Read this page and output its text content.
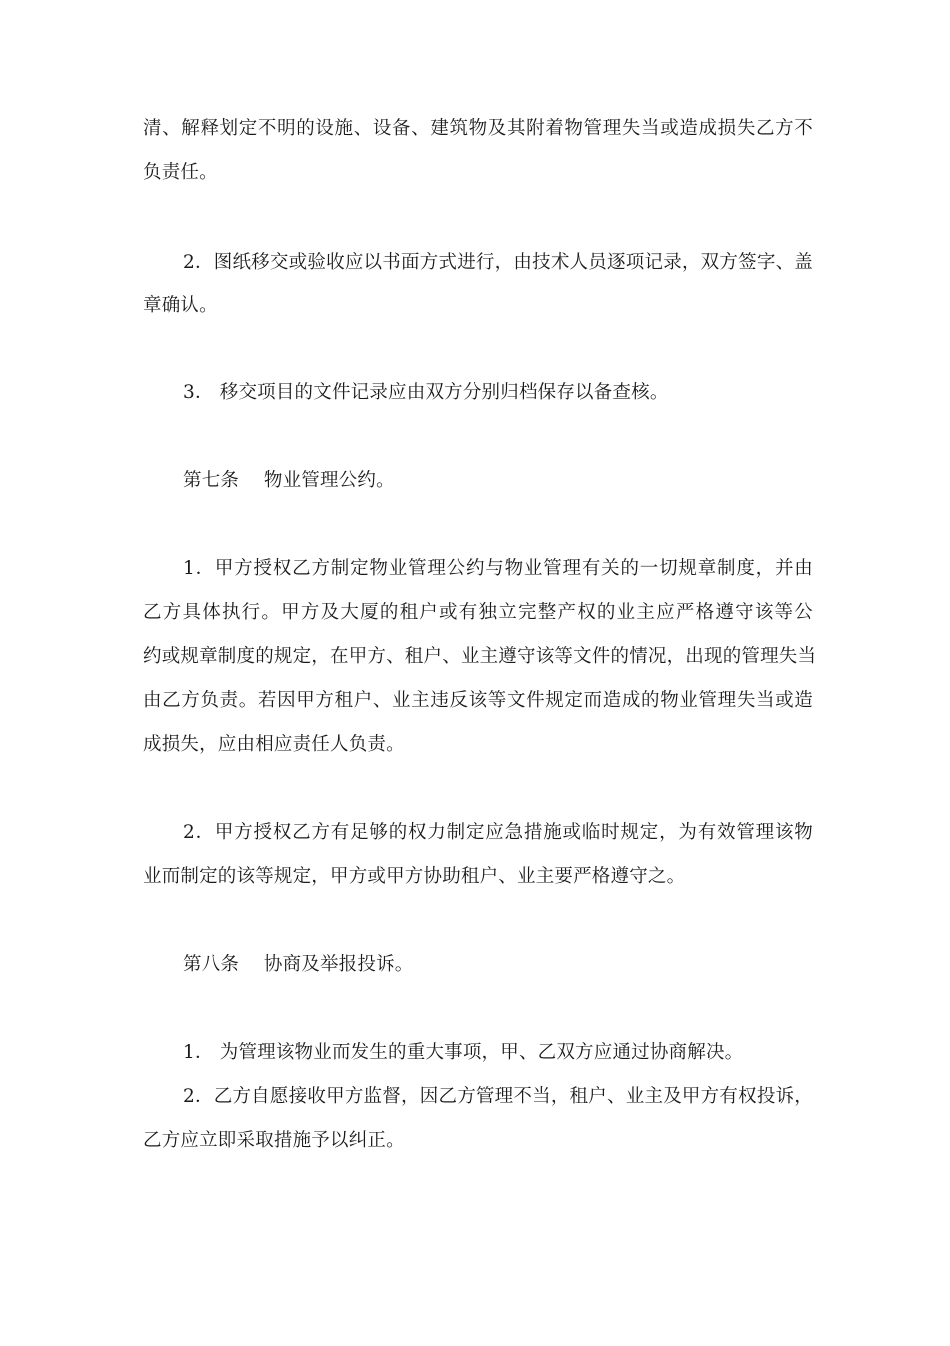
清、解释划定不明的设施、设备、建筑物及其附着物管理失当或造成损失乙方不
负责任。
2．图纸移交或验收应以书面方式进行，由技术人员逐项记录，双方签字、盖
章确认。
3． 移交项目的文件记录应由双方分别归档保存以备查核。
第七条　 物业管理公约。
1．甲方授权乙方制定物业管理公约与物业管理有关的一切规章制度，并由
乙方具体执行。甲方及大厦的租户或有独立完整产权的业主应严格遵守该等公
约或规章制度的规定，在甲方、租户、业主遵守该等文件的情况，出现的管理失当
由乙方负责。若因甲方租户、业主违反该等文件规定而造成的物业管理失当或造
成损失，应由相应责任人负责。
2．甲方授权乙方有足够的权力制定应急措施或临时规定，为有效管理该物
业而制定的该等规定，甲方或甲方协助租户、业主要严格遵守之。
第八条　 协商及举报投诉。
1． 为管理该物业而发生的重大事项，甲、乙双方应通过协商解决。
2．乙方自愿接收甲方监督，因乙方管理不当，租户、业主及甲方有权投诉，
乙方应立即采取措施予以纠正。
